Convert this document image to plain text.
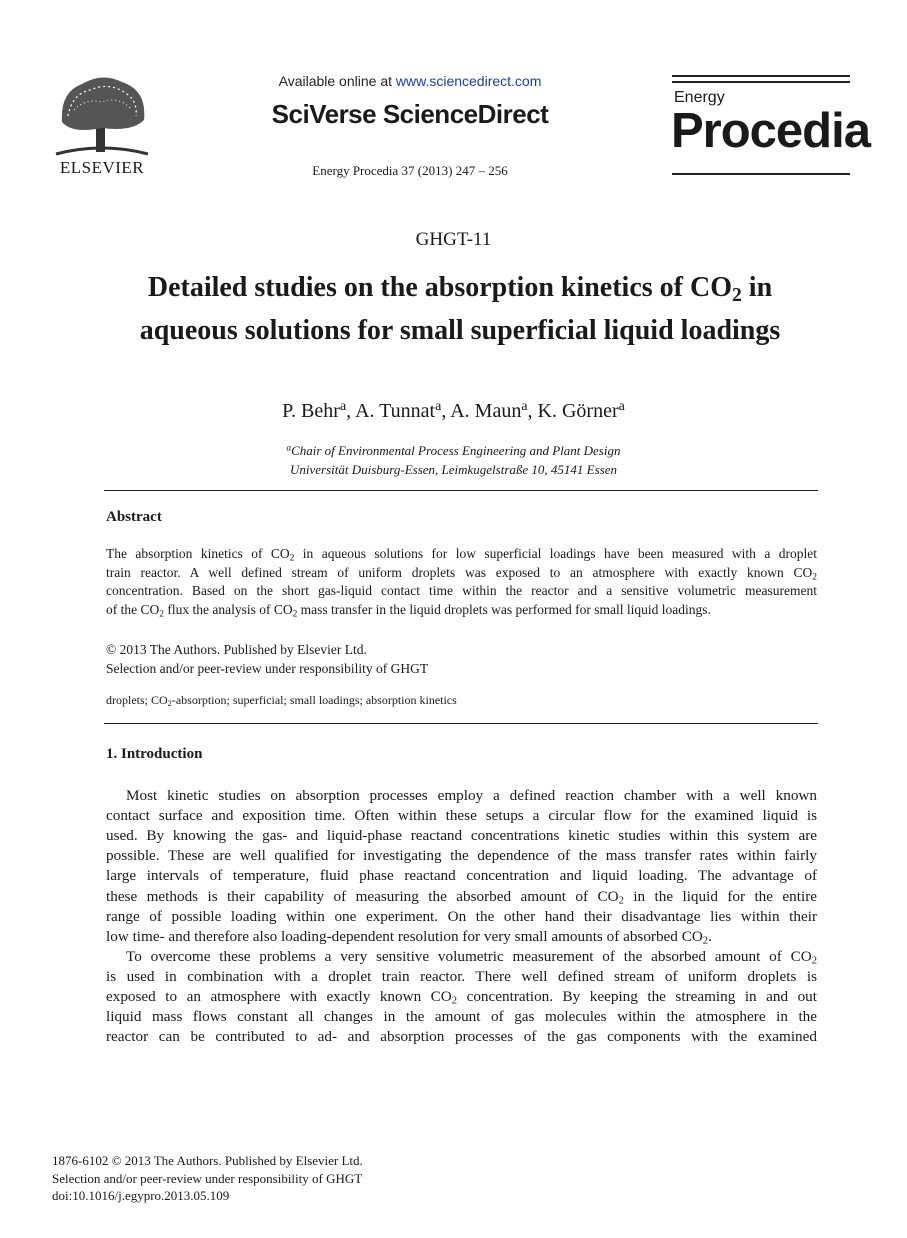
ELSEVIER
Available online at www.sciencedirect.com
SciVerse ScienceDirect
Energy Procedia 37 (2013) 247 – 256
Energy
Procedia
GHGT-11
Detailed studies on the absorption kinetics of $CO_2$ in
aqueous solutions for small superficial liquid loadings
P. Behr$^a$, A. Tunnat$^a$, A. Maun$^a$, K. Görner$^a$
$^a$Chair of Environmental Process Engineering and Plant Design
Universität Duisburg-Essen, Leimkugelstraße 10, 45141 Essen
Abstract
The absorption kinetics of $CO_2$ in aqueous solutions for low superficial loadings have been measured with a droplet
train reactor. A well defined stream of uniform droplets was exposed to an atmosphere with exactly known $CO_2$
concentration. Based on the short gas-liquid contact time within the reactor and a sensitive volumetric measurement
of the $CO_2$ flux the analysis of $CO_2$ mass transfer in the liquid droplets was performed for small liquid loadings.
© 2013 The Authors. Published by Elsevier Ltd.
Selection and/or peer-review under responsibility of GHGT
droplets; $CO_2$-absorption; superficial; small loadings; absorption kinetics
1. Introduction
Most kinetic studies on absorption processes employ a defined reaction chamber with a well known
contact surface and exposition time. Often within these setups a circular flow for the examined liquid is
used. By knowing the gas- and liquid-phase reactand concentrations kinetic studies within this system are
possible. These are well qualified for investigating the dependence of the mass transfer rates within fairly
large intervals of temperature, fluid phase reactand concentration and liquid loading. The advantage of
these methods is their capability of measuring the absorbed amount of $CO_2$ in the liquid for the entire
range of possible loading within one experiment. On the other hand their disadvantage lies within their
low time- and therefore also loading-dependent resolution for very small amounts of absorbed $CO_2$.
To overcome these problems a very sensitive volumetric measurement of the absorbed amount of $CO_2$
is used in combination with a droplet train reactor. There well defined stream of uniform droplets is
exposed to an atmosphere with exactly known $CO_2$ concentration. By keeping the streaming in and out
liquid mass flows constant all changes in the amount of gas molecules within the atmosphere in the
reactor can be contributed to ad- and absorption processes of the gas components with the examined
1876-6102 © 2013 The Authors. Published by Elsevier Ltd.
Selection and/or peer-review under responsibility of GHGT
doi:10.1016/j.egypro.2013.05.109
